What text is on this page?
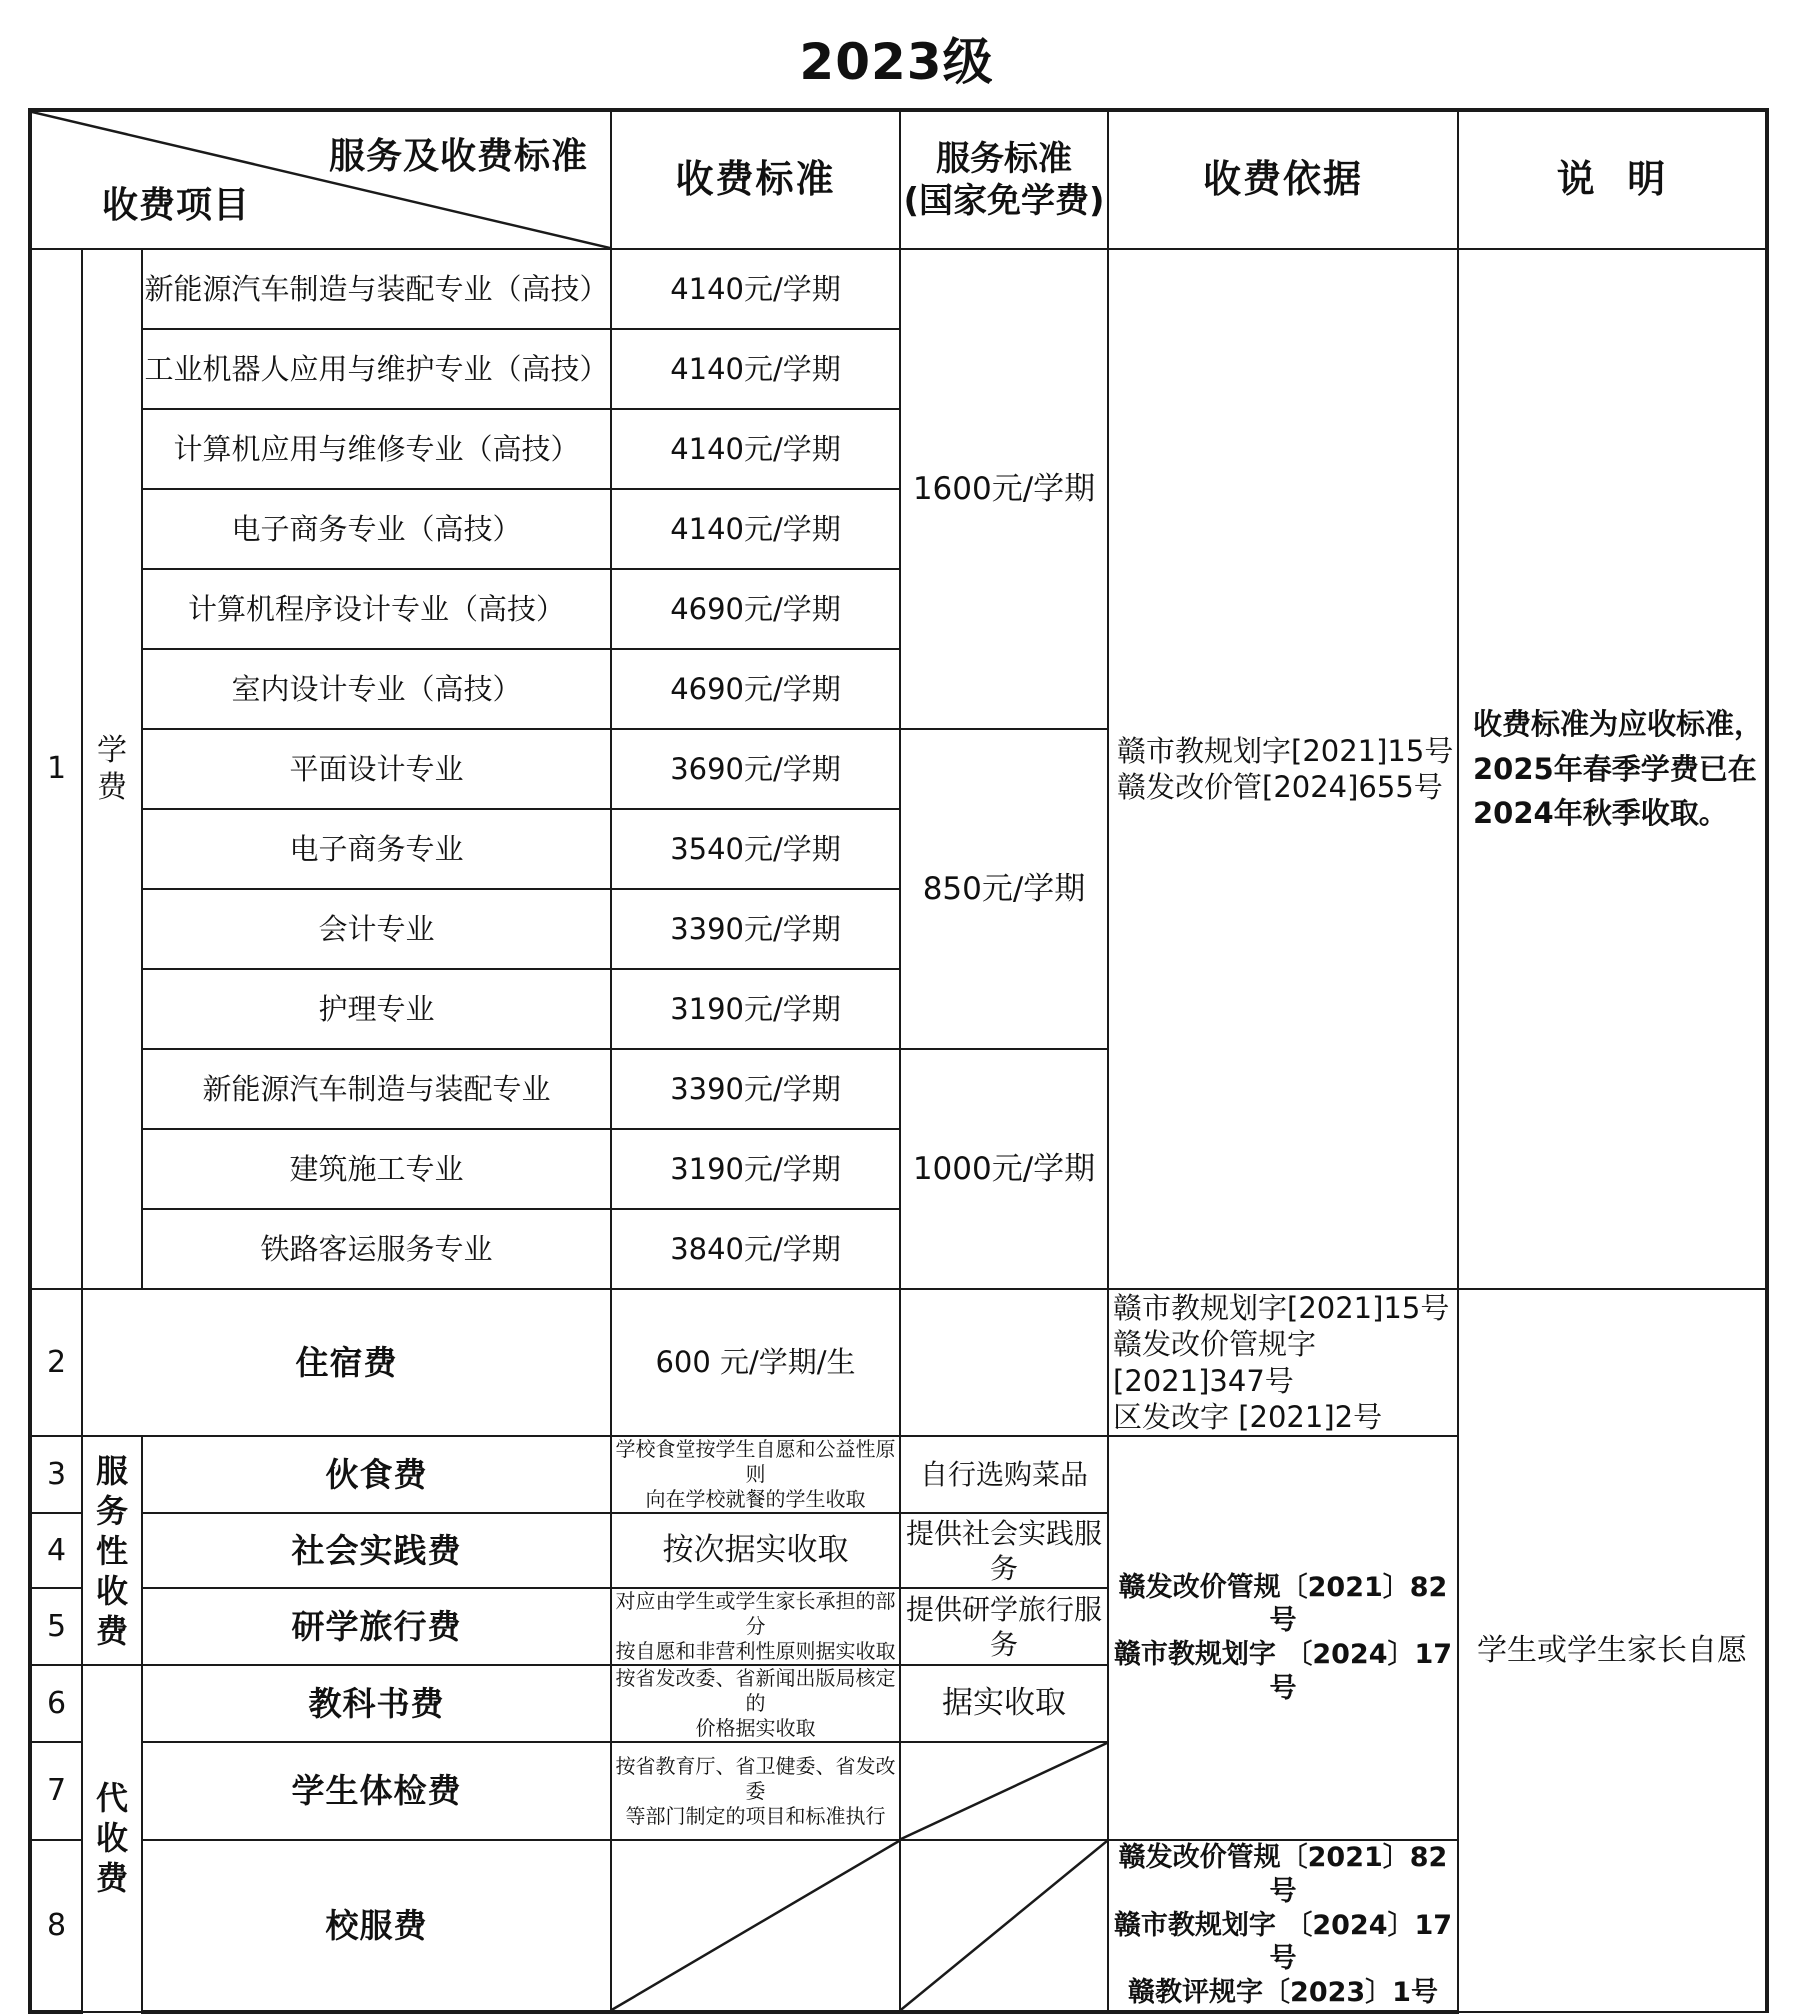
2023级
服务及收费标准
收费项目			收费标准	服务标准
(国家免学费)	收费依据	说  明
1	学费	新能源汽车制造与装配专业（高技）	4140元/学期	1600元/学期	赣市教规划字[2021]15号
赣发改价管[2024]655号	收费标准为应收标准，
2025年春季学费已在
2024年秋季收取。

		工业机器人应用与维护专业（高技）	4140元/学期			
		计算机应用与维修专业（高技）	4140元/学期			
		电子商务专业（高技）	4140元/学期			
		计算机程序设计专业（高技）	4690元/学期			
		室内设计专业（高技）	4690元/学期			
		平面设计专业	3690元/学期	850元/学期		
		电子商务专业	3540元/学期			
		会计专业	3390元/学期			
		护理专业	3190元/学期			
		新能源汽车制造与装配专业	3390元/学期	1000元/学期		
		建筑施工专业	3190元/学期			
		铁路客运服务专业	3840元/学期			
2	住宿费		600 元/学期/生		赣市教规划字[2021]15号
赣发改价管规字[2021]347号
区发改字 [2021]2号	学生或学生家长自愿
3	服务性收费	伙食费	学校食堂按学生自愿和公益性原则
向在学校就餐的学生收取	自行选购菜品	赣发改价管规〔2021〕82号
赣市教规划字 〔2024〕17号	

4		社会实践费	按次据实收取	提供社会实践服务		
5		研学旅行费	对应由学生或学生家长承担的部分
按自愿和非营利性原则据实收取	提供研学旅行服务		
6	代收费	教科书费	按省发改委、省新闻出版局核定的
价格据实收取	据实收取		
7		学生体检费	按省教育厅、省卫健委、省发改委
等部门制定的项目和标准执行

8		校服费			赣发改价管规〔2021〕82号
赣市教规划字 〔2024〕17号
赣教评规字〔2023〕1号	
